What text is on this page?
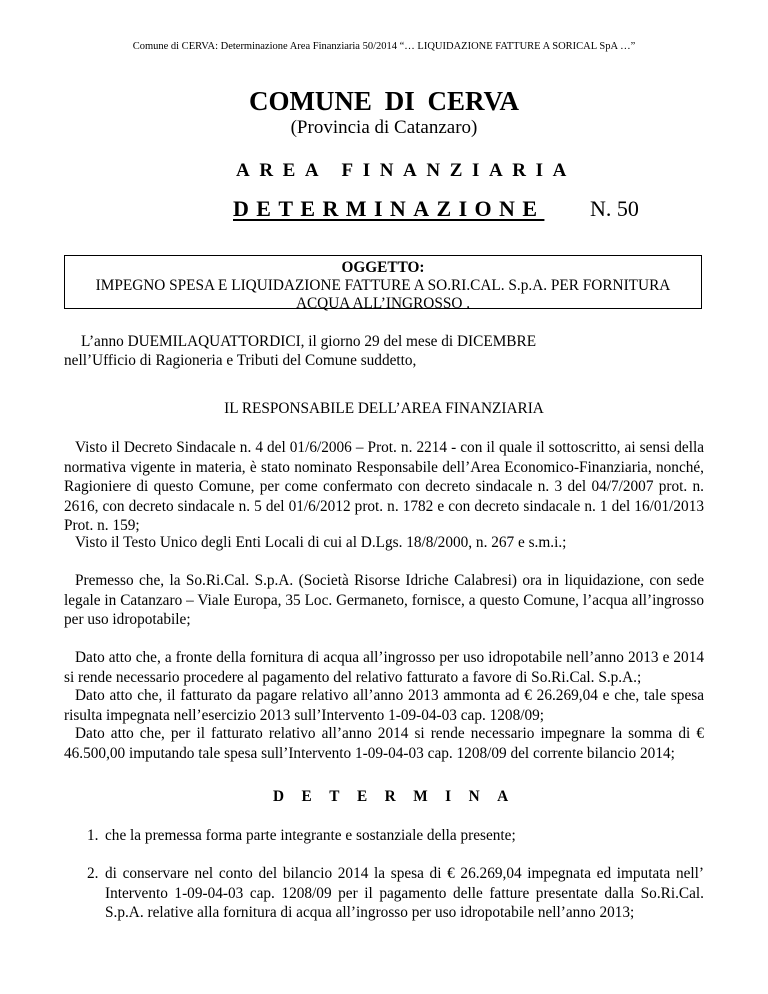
Comune di CERVA: Determinazione Area Finanziaria 50/2014 “… LIQUIDAZIONE FATTURE A SORICAL SpA …”
COMUNE DI CERVA
(Provincia di Catanzaro)
AREA FINANZIARIA
DETERMINAZIONE N. 50
OGGETTO:
IMPEGNO SPESA E LIQUIDAZIONE FATTURE A SO.RI.CAL. S.p.A. PER FORNITURA
ACQUA ALL’INGROSSO .
L’anno DUEMILAQUATTORDICI, il giorno 29 del mese di DICEMBRE
nell’Ufficio di Ragioneria e Tributi del Comune suddetto,
IL RESPONSABILE DELL’AREA FINANZIARIA
Visto il Decreto Sindacale n. 4 del 01/6/2006 – Prot. n. 2214 - con il quale il sottoscritto, ai sensi della normativa vigente in materia, è stato nominato Responsabile dell’Area Economico-Finanziaria, nonché, Ragioniere di questo Comune, per come confermato con decreto sindacale n. 3 del 04/7/2007 prot. n. 2616, con decreto sindacale n. 5 del 01/6/2012 prot. n. 1782 e con decreto sindacale n. 1 del 16/01/2013 Prot. n. 159;
Visto il Testo Unico degli Enti Locali di cui al D.Lgs. 18/8/2000, n. 267 e s.m.i.;
Premesso che, la So.Ri.Cal. S.p.A. (Società Risorse Idriche Calabresi) ora in liquidazione, con sede legale in Catanzaro – Viale Europa, 35 Loc. Germaneto, fornisce, a questo Comune, l’acqua all’ingrosso per uso idropotabile;
Dato atto che, a fronte della fornitura di acqua all’ingrosso per uso idropotabile nell’anno 2013 e 2014 si rende necessario procedere al pagamento del relativo fatturato a favore di So.Ri.Cal. S.p.A.;
Dato atto che, il fatturato da pagare relativo all’anno 2013 ammonta ad € 26.269,04 e che, tale spesa risulta impegnata nell’esercizio 2013 sull’Intervento 1-09-04-03 cap. 1208/09;
Dato atto che, per il fatturato relativo all’anno 2014 si rende necessario impegnare la somma di € 46.500,00 imputando tale spesa sull’Intervento 1-09-04-03 cap. 1208/09 del corrente bilancio 2014;
DETERMINA
1. che la premessa forma parte integrante e sostanziale della presente;
2. di conservare nel conto del bilancio 2014 la spesa di € 26.269,04 impegnata ed imputata nell’ Intervento 1-09-04-03 cap. 1208/09 per il pagamento delle fatture presentate dalla So.Ri.Cal. S.p.A. relative alla fornitura di acqua all’ingrosso per uso idropotabile nell’anno 2013;
